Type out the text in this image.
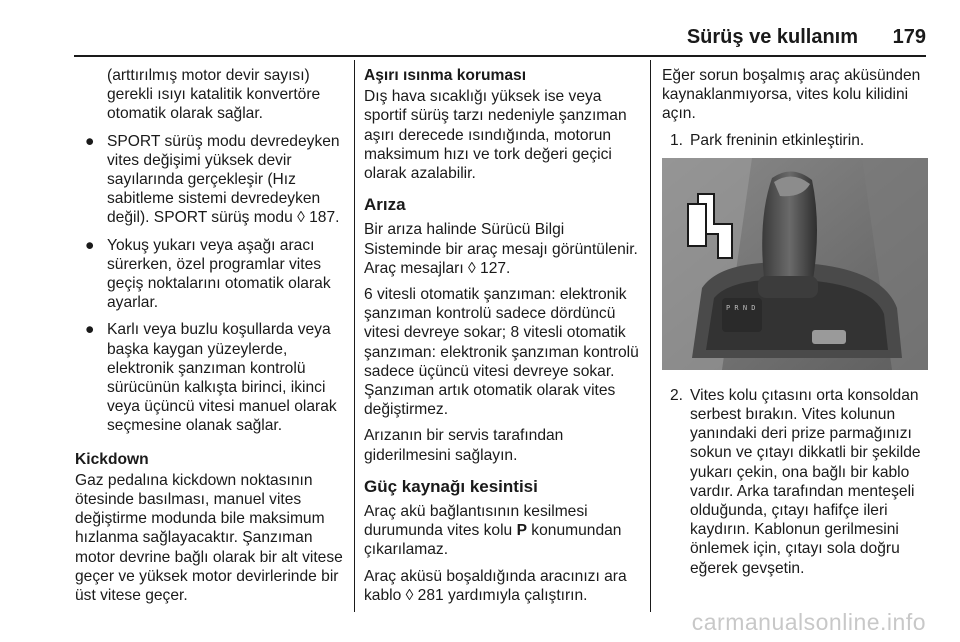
Sürüş ve kullanım 179

(arttırılmış motor devir sayısı) gerekli ısıyı katalitik konvertöre otomatik olarak sağlar.

● SPORT sürüş modu devredeyken vites değişimi yüksek devir sayılarında gerçekleşir (Hız sabitleme sistemi devredeyken değil). SPORT sürüş modu ◊ 187.
● Yokuş yukarı veya aşağı aracı sürerken, özel programlar vites geçiş noktalarını otomatik olarak ayarlar.
● Karlı veya buzlu koşullarda veya başka kaygan yüzeylerde, elektronik şanzıman kontrolü sürücünün kalkışta birinci, ikinci veya üçüncü vitesi manuel olarak seçmesine olanak sağlar.
Kickdown

Gaz pedalına kickdown noktasının ötesinde basılması, manuel vites değiştirme modunda bile maksimum hızlanma sağlayacaktır. Şanzıman motor devrine bağlı olarak bir alt vitese geçer ve yüksek motor devirlerinde bir üst vitese geçer.

Aşırı ısınma koruması

Dış hava sıcaklığı yüksek ise veya sportif sürüş tarzı nedeniyle şanzıman aşırı derecede ısındığında, motorun maksimum hızı ve tork değeri geçici olarak azalabilir.

Arıza

Bir arıza halinde Sürücü Bilgi Sisteminde bir araç mesajı görüntülenir. Araç mesajları ◊ 127.

6 vitesli otomatik şanzıman: elektronik şanzıman kontrolü sadece dördüncü vitesi devreye sokar; 8 vitesli otomatik şanzıman: elektronik şanzıman kontrolü sadece üçüncü vitesi devreye sokar. Şanzıman artık otomatik olarak vites değiştirmez.

Arızanın bir servis tarafından giderilmesini sağlayın.

Güç kaynağı kesintisi

Araç akü bağlantısının kesilmesi durumunda vites kolu P konumundan çıkarılamaz.

Araç aküsü boşaldığında aracınızı ara kablo ◊ 281 yardımıyla çalıştırın.

Eğer sorun boşalmış araç aküsünden kaynaklanmıyorsa, vites kolu kilidini açın.

1. Park freninin etkinleştirin.
P R N D
2. Vites kolu çıtasını orta konsoldan serbest bırakın. Vites kolunun yanındaki deri prize parmağınızı sokun ve çıtayı dikkatli bir şekilde yukarı çekin, ona bağlı bir kablo vardır. Arka tarafından menteşeli olduğunda, çıtayı hafifçe ileri kaydırın. Kablonun gerilmesini önlemek için, çıtayı sola doğru eğerek gevşetin.
carmanualsonline.info
